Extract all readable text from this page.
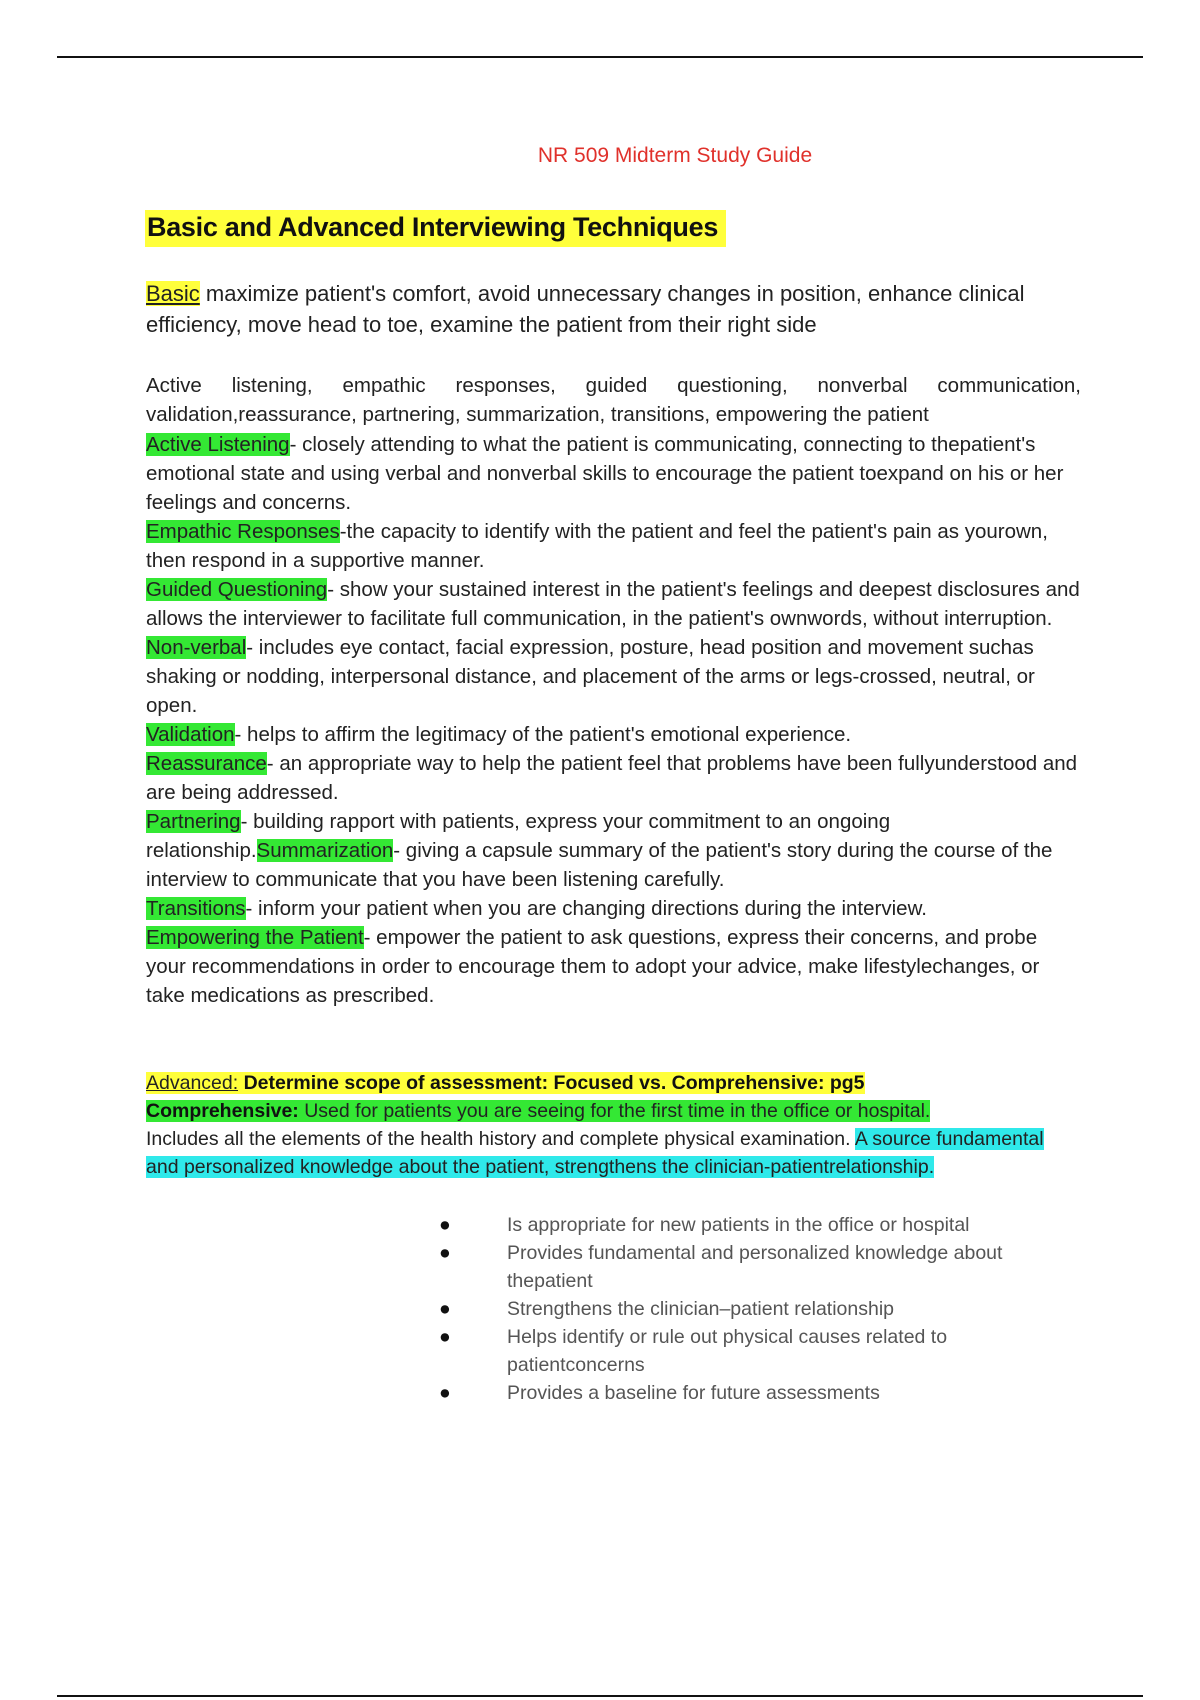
NR 509 Midterm Study Guide
Basic and Advanced Interviewing Techniques
Basic maximize patient's comfort, avoid unnecessary changes in position, enhance clinical efficiency, move head to toe, examine the patient from their right side
Active listening, empathic responses, guided questioning, nonverbal communication, validation,reassurance, partnering, summarization, transitions, empowering the patient

Active Listening- closely attending to what the patient is communicating, connecting to thepatient's emotional state and using verbal and nonverbal skills to encourage the patient toexpand on his or her feelings and concerns.

Empathic Responses-the capacity to identify with the patient and feel the patient's pain as yourown, then respond in a supportive manner.

Guided Questioning- show your sustained interest in the patient's feelings and deepest disclosures and allows the interviewer to facilitate full communication, in the patient's ownwords, without interruption.

Non-verbal- includes eye contact, facial expression, posture, head position and movement suchas shaking or nodding, interpersonal distance, and placement of the arms or legs-crossed, neutral, or open.

Validation- helps to affirm the legitimacy of the patient's emotional experience.

Reassurance- an appropriate way to help the patient feel that problems have been fullyunderstood and are being addressed.

Partnering- building rapport with patients, express your commitment to an ongoing relationship.Summarization- giving a capsule summary of the patient's story during the course of the interview to communicate that you have been listening carefully.

Transitions- inform your patient when you are changing directions during the interview.

Empowering the Patient- empower the patient to ask questions, express their concerns, and probe your recommendations in order to encourage them to adopt your advice, make lifestylechanges, or take medications as prescribed.

Advanced: Determine scope of assessment: Focused vs. Comprehensive: pg5

Comprehensive: Used for patients you are seeing for the first time in the office or hospital.

Includes all the elements of the health history and complete physical examination. A source fundamental and personalized knowledge about the patient, strengthens the clinician-patientrelationship.

●	Is appropriate for new patients in the office or hospital
●	Provides fundamental and personalized knowledge about thepatient
●	Strengthens the clinician–patient relationship
●	Helps identify or rule out physical causes related to patientconcerns
●	Provides a baseline for future assessments
